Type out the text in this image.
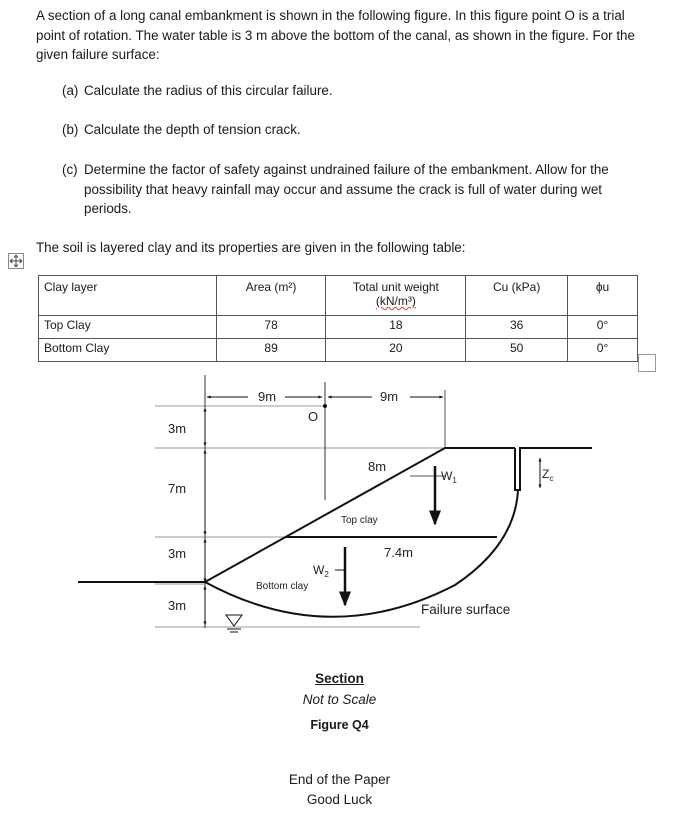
A section of a long canal embankment is shown in the following figure. In this figure point O is a trial point of rotation. The water table is 3 m above the bottom of the canal, as shown in the figure. For the given failure surface:

(a) Calculate the radius of this circular failure.
(b) Calculate the depth of tension crack.
(c) Determine the factor of safety against undrained failure of the embankment. Allow for the possibility that heavy rainfall may occur and assume the crack is full of water during wet periods.
The soil is layered clay and its properties are given in the following table:
Clay layer	Area (m²)	Total unit weight
(kN/m³)	Cu (kPa)	ϕu
Top Clay	78	18	36	0°
Bottom Clay	89	20	50	0°
9m	9m
O
3m
7m
3m
3m
8m
7.4m
$W_1$
$W_2$
$Z_c$
Top clay
Bottom clay
Failure surface
Section
Not to Scale
Figure Q4
End of the Paper
Good Luck
